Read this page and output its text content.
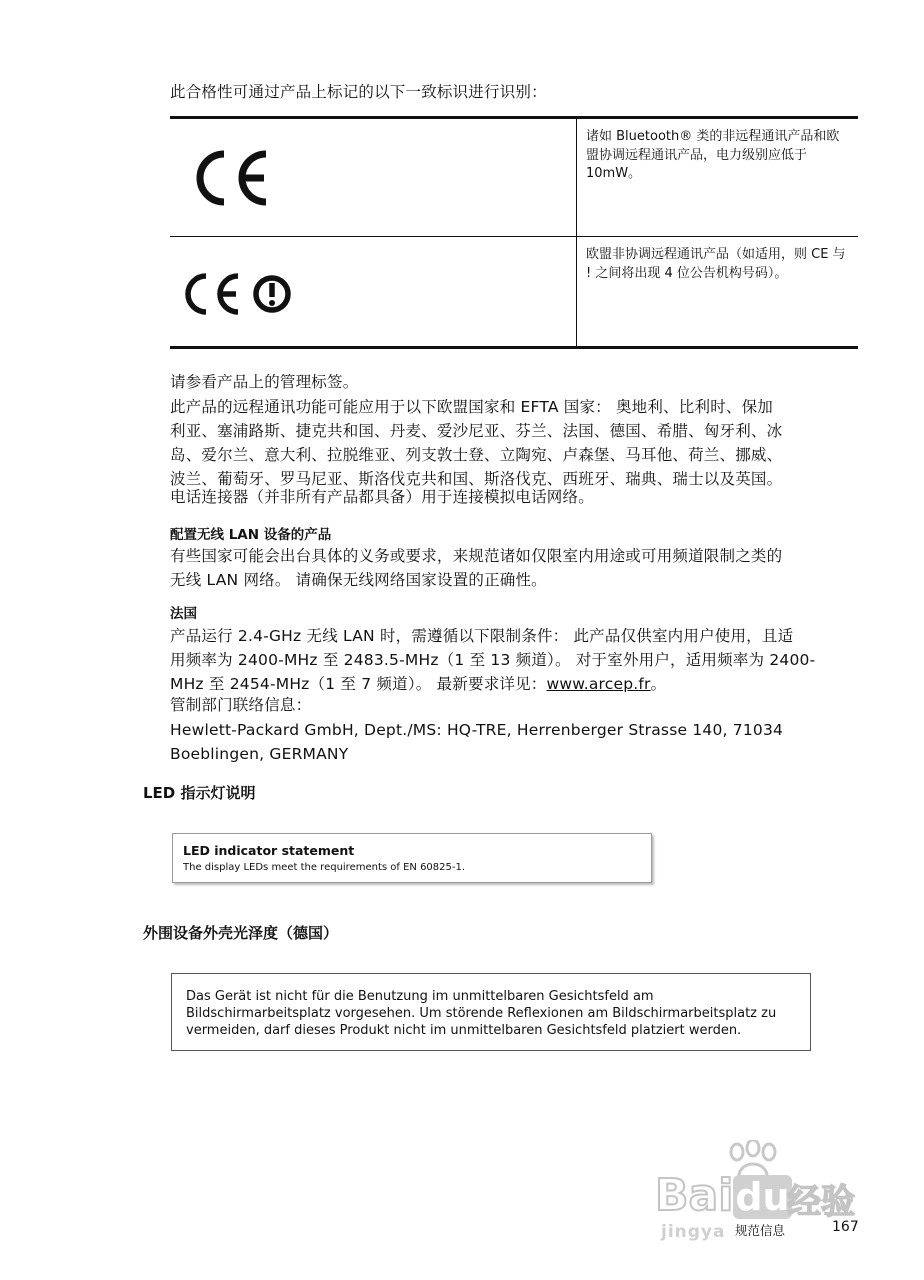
此合格性可通过产品上标记的以下一致标识进行识别：
诸如 Bluetooth® 类的非远程通讯产品和欧盟协调远程通讯产品，电力级别应低于 10mW。
欧盟非协调远程通讯产品（如适用，则 CE 与 ! 之间将出现 4 位公告机构号码）。
请参看产品上的管理标签。
此产品的远程通讯功能可能应用于以下欧盟国家和 EFTA 国家： 奥地利、比利时、保加
利亚、塞浦路斯、捷克共和国、丹麦、爱沙尼亚、芬兰、法国、德国、希腊、匈牙利、冰
岛、爱尔兰、意大利、拉脱维亚、列支敦士登、立陶宛、卢森堡、马耳他、荷兰、挪威、
波兰、葡萄牙、罗马尼亚、斯洛伐克共和国、斯洛伐克、西班牙、瑞典、瑞士以及英国。
电话连接器（并非所有产品都具备）用于连接模拟电话网络。
配置无线 LAN 设备的产品
有些国家可能会出台具体的义务或要求，来规范诸如仅限室内用途或可用频道限制之类的
无线 LAN 网络。 请确保无线网络国家设置的正确性。
法国
产品运行 2.4-GHz 无线 LAN 时，需遵循以下限制条件： 此产品仅供室内用户使用，且适
用频率为 2400-MHz 至 2483.5-MHz（1 至 13 频道）。 对于室外用户，适用频率为 2400-
MHz 至 2454-MHz（1 至 7 频道）。 最新要求详见：www.arcep.fr。
管制部门联络信息：
Hewlett-Packard GmbH, Dept./MS: HQ-TRE, Herrenberger Strasse 140, 71034
Boeblingen, GERMANY
LED 指示灯说明
LED indicator statement
The display LEDs meet the requirements of EN 60825-1.
外围设备外壳光泽度（德国）
Das Gerät ist nicht für die Benutzung im unmittelbaren Gesichtsfeld am
Bildschirmarbeitsplatz vorgesehen. Um störende Reflexionen am Bildschirmarbeitsplatz zu
vermeiden, darf dieses Produkt nicht im unmittelbaren Gesichtsfeld platziert werden.
Baidu
经验
jingya 规范信息	167
